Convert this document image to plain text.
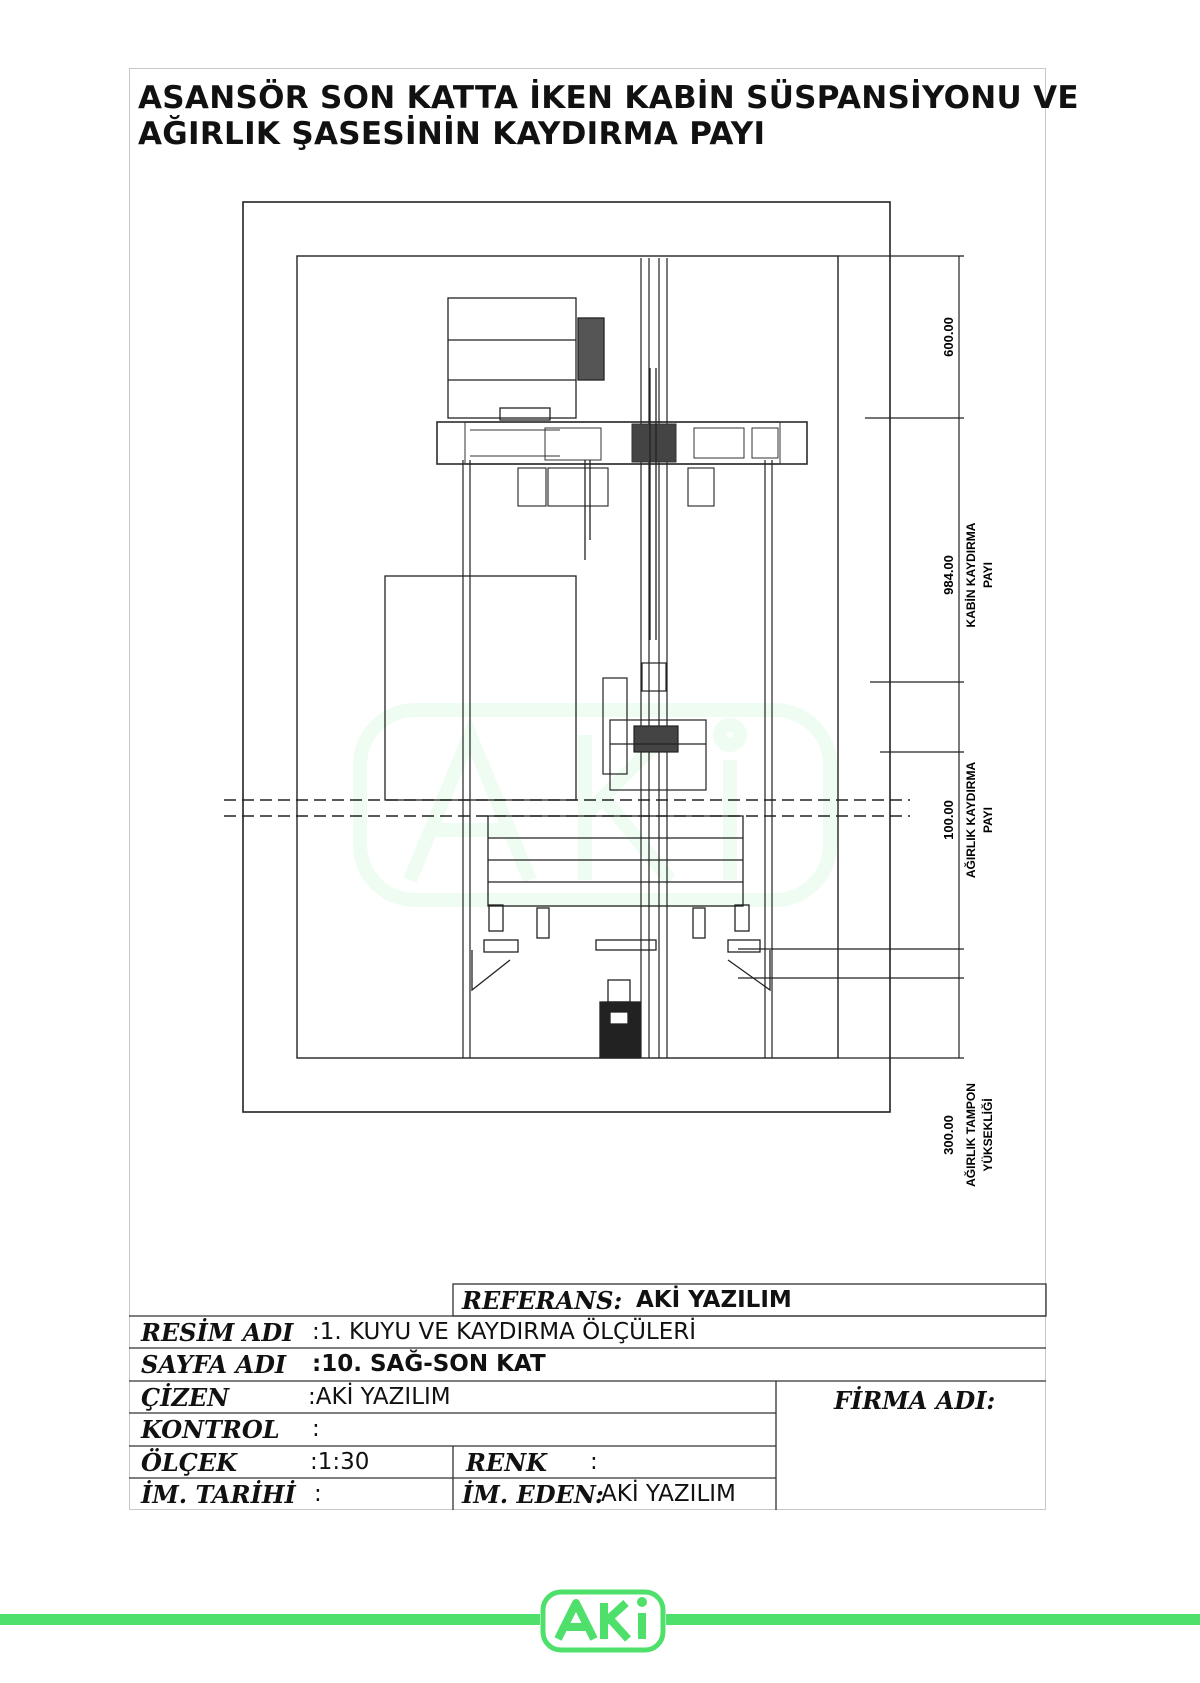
ASANSÖR SON KATTA İKEN KABİN SÜSPANSİYONU VE
AĞIRLIK ŞASESİNİN KAYDIRMA PAYI
600.00
984.00 KABİN KAYDIRMA PAYI
100.00 AĞIRLIK KAYDIRMA PAYI
300.00 AĞIRLIK TAMPON YÜKSEKLİĞİ
REFERANS: AKİ YAZILIM
RESİM ADI :1. KUYU VE KAYDIRMA ÖLÇÜLERİ
SAYFA ADI :10. SAĞ-SON KAT
ÇİZEN	:AKİ YAZILIM
KONTROL :
ÖLÇEK	:1:30	RENK :
İM. TARİHİ :	İM. EDEN:
AKİ YAZILIM
FİRMA ADI:
